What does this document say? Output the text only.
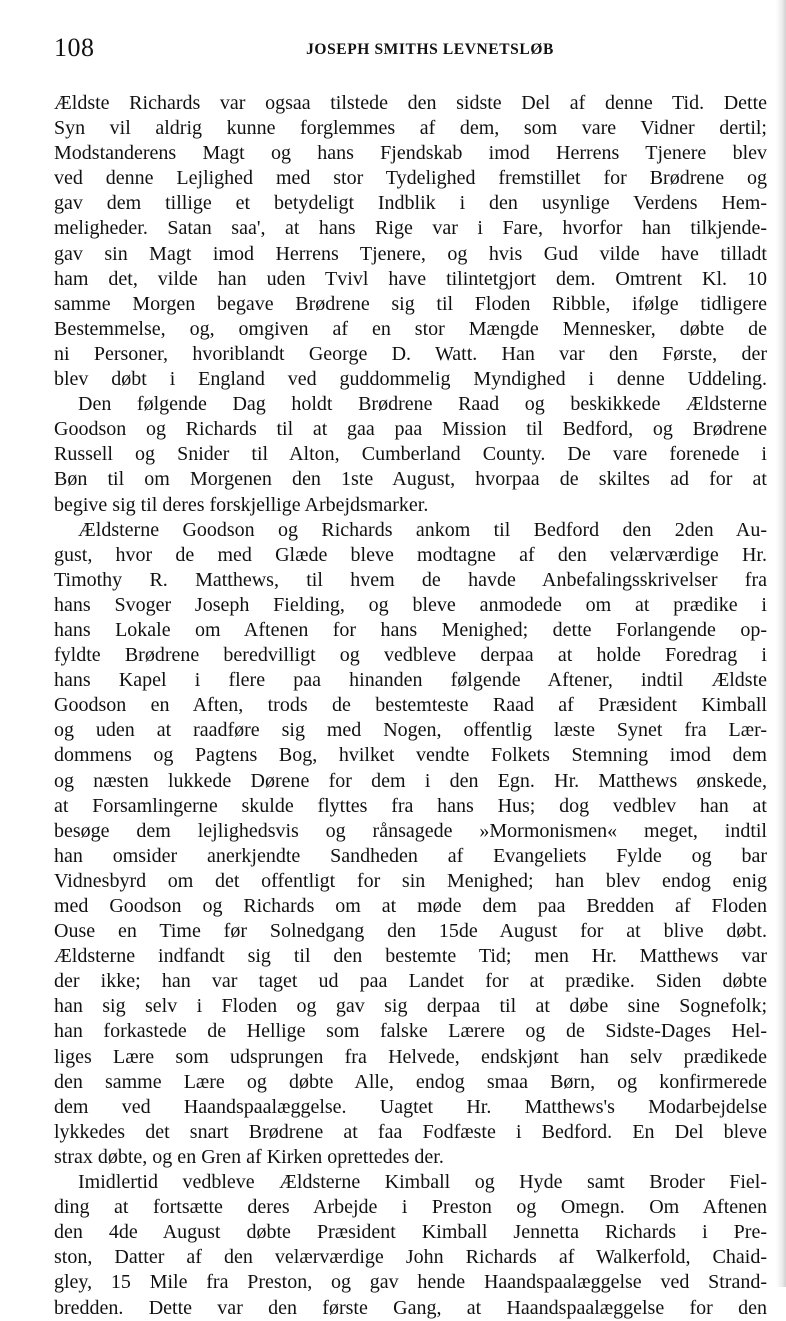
108	JOSEPH SMITHS LEVNETSLØB
Ældste Richards var ogsaa tilstede den sidste Del af denne Tid. Dette
Syn vil aldrig kunne forglemmes af dem, som vare Vidner dertil;
Modstanderens Magt og hans Fjendskab imod Herrens Tjenere blev
ved denne Lejlighed med stor Tydelighed fremstillet for Brødrene og
gav dem tillige et betydeligt Indblik i den usynlige Verdens Hem-
meligheder. Satan saa', at hans Rige var i Fare, hvorfor han tilkjende-
gav sin Magt imod Herrens Tjenere, og hvis Gud vilde have tilladt
ham det, vilde han uden Tvivl have tilintetgjort dem. Omtrent Kl. 10
samme Morgen begave Brødrene sig til Floden Ribble, ifølge tidligere
Bestemmelse, og, omgiven af en stor Mængde Mennesker, døbte de
ni Personer, hvoriblandt George D. Watt. Han var den Første, der
blev døbt i England ved guddommelig Myndighed i denne Uddeling.
Den følgende Dag holdt Brødrene Raad og beskikkede Ældsterne
Goodson og Richards til at gaa paa Mission til Bedford, og Brødrene
Russell og Snider til Alton, Cumberland County. De vare forenede i
Bøn til om Morgenen den 1ste August, hvorpaa de skiltes ad for at
begive sig til deres forskjellige Arbejdsmarker.
Ældsterne Goodson og Richards ankom til Bedford den 2den Au-
gust, hvor de med Glæde bleve modtagne af den velærværdige Hr.
Timothy R. Matthews, til hvem de havde Anbefalingsskrivelser fra
hans Svoger Joseph Fielding, og bleve anmodede om at prædike i
hans Lokale om Aftenen for hans Menighed; dette Forlangende op-
fyldte Brødrene beredvilligt og vedbleve derpaa at holde Foredrag i
hans Kapel i flere paa hinanden følgende Aftener, indtil Ældste
Goodson en Aften, trods de bestemteste Raad af Præsident Kimball
og uden at raadføre sig med Nogen, offentlig læste Synet fra Lær-
dommens og Pagtens Bog, hvilket vendte Folkets Stemning imod dem
og næsten lukkede Dørene for dem i den Egn. Hr. Matthews ønskede,
at Forsamlingerne skulde flyttes fra hans Hus; dog vedblev han at
besøge dem lejlighedsvis og rånsagede »Mormonismen« meget, indtil
han omsider anerkjendte Sandheden af Evangeliets Fylde og bar
Vidnesbyrd om det offentligt for sin Menighed; han blev endog enig
med Goodson og Richards om at møde dem paa Bredden af Floden
Ouse en Time før Solnedgang den 15de August for at blive døbt.
Ældsterne indfandt sig til den bestemte Tid; men Hr. Matthews var
der ikke; han var taget ud paa Landet for at prædike. Siden døbte
han sig selv i Floden og gav sig derpaa til at døbe sine Sognefolk;
han forkastede de Hellige som falske Lærere og de Sidste-Dages Hel-
liges Lære som udsprungen fra Helvede, endskjønt han selv prædikede
den samme Lære og døbte Alle, endog smaa Børn, og konfirmerede
dem ved Haandspaalæggelse. Uagtet Hr. Matthews's Modarbejdelse
lykkedes det snart Brødrene at faa Fodfæste i Bedford. En Del bleve
strax døbte, og en Gren af Kirken oprettedes der.
Imidlertid vedbleve Ældsterne Kimball og Hyde samt Broder Fiel-
ding at fortsætte deres Arbejde i Preston og Omegn. Om Aftenen
den 4de August døbte Præsident Kimball Jennetta Richards i Pre-
ston, Datter af den velærværdige John Richards af Walkerfold, Chaid-
gley, 15 Mile fra Preston, og gav hende Haandspaalæggelse ved Strand-
bredden. Dette var den første Gang, at Haandspaalæggelse for den
